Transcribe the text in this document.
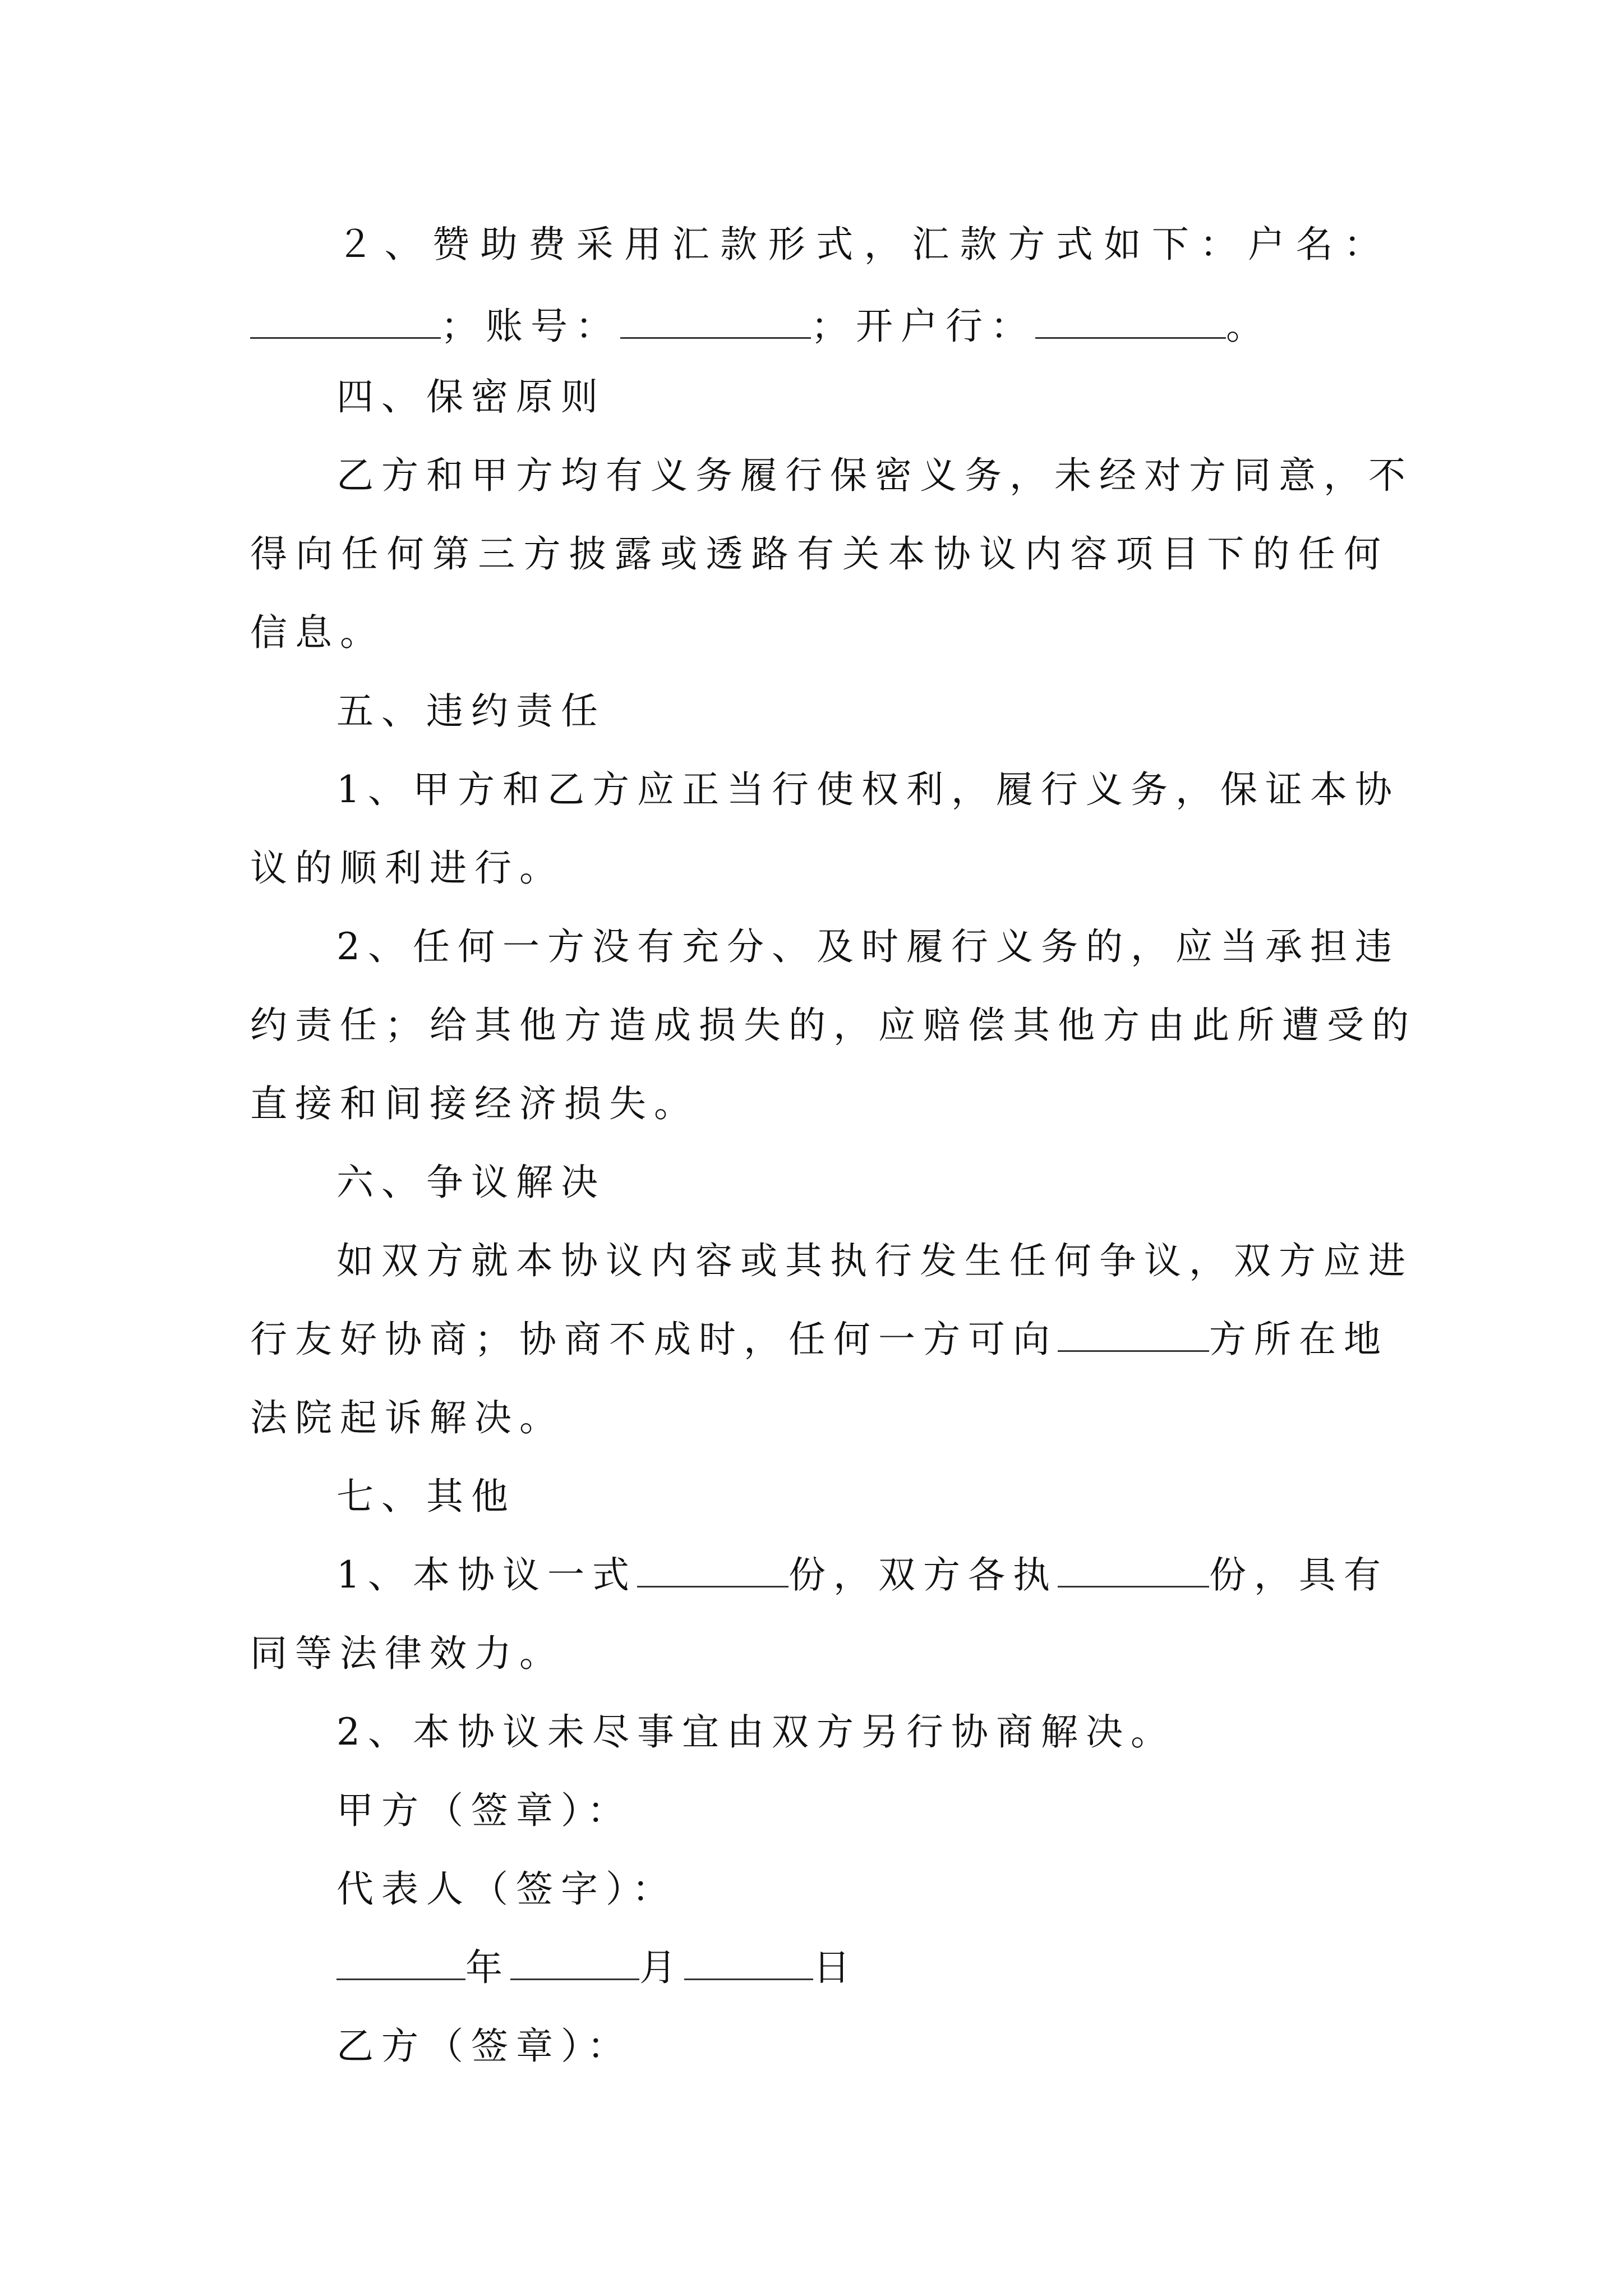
２、赞助费采用汇款形式，汇款方式如下：户名：
；账号：	；开户行：	。
四、保密原则
乙方和甲方均有义务履行保密义务，未经对方同意，不
得向任何第三方披露或透路有关本协议内容项目下的任何
信息。
五、违约责任
1、甲方和乙方应正当行使权利，履行义务，保证本协
议的顺利进行。
2、任何一方没有充分、及时履行义务的，应当承担违
约责任；给其他方造成损失的，应赔偿其他方由此所遭受的
直接和间接经济损失。
六、争议解决
如双方就本协议内容或其执行发生任何争议，双方应进
行友好协商；协商不成时，任何一方可向	方所在地
法院起诉解决。
七、其他
1、本协议一式	份，双方各执	份，具有
同等法律效力。
2、本协议未尽事宜由双方另行协商解决。
甲方（签章）：
代表人（签字）：
年	月	日
乙方（签章）：
